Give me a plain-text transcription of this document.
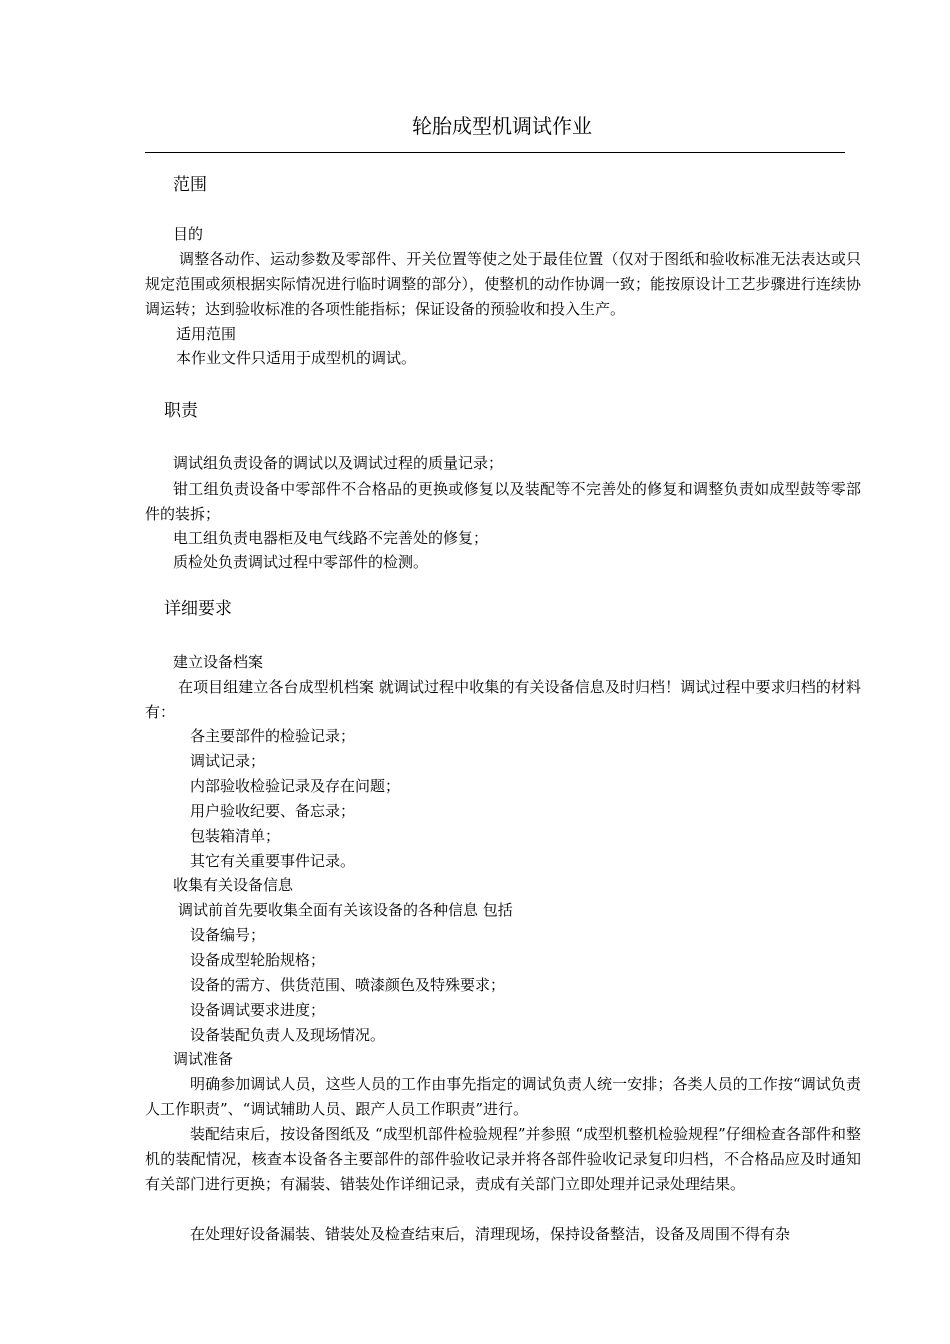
轮胎成型机调试作业
范围
目的
调整各动作、运动参数及零部件、开关位置等使之处于最佳位置（仅对于图纸和验收标准无法表达或只规定范围或须根据实际情况进行临时调整的部分），使整机的动作协调一致；能按原设计工艺步骤进行连续协调运转；达到验收标准的各项性能指标；保证设备的预验收和投入生产。
适用范围
本作业文件只适用于成型机的调试。
职责
调试组负责设备的调试以及调试过程的质量记录；
钳工组负责设备中零部件不合格品的更换或修复以及装配等不完善处的修复和调整负责如成型鼓等零部件的装拆；
电工组负责电器柜及电气线路不完善处的修复；
质检处负责调试过程中零部件的检测。
详细要求
建立设备档案
在项目组建立各台成型机档案 就调试过程中收集的有关设备信息及时归档！调试过程中要求归档的材料有：
各主要部件的检验记录；
调试记录；
内部验收检验记录及存在问题；
用户验收纪要、备忘录；
包装箱清单；
其它有关重要事件记录。
收集有关设备信息
调试前首先要收集全面有关该设备的各种信息 包括
设备编号；
设备成型轮胎规格；
设备的需方、供货范围、喷漆颜色及特殊要求；
设备调试要求进度；
设备装配负责人及现场情况。
调试准备
明确参加调试人员，这些人员的工作由事先指定的调试负责人统一安排；各类人员的工作按“调试负责人工作职责”、“调试辅助人员、跟产人员工作职责”进行。
装配结束后，按设备图纸及 “成型机部件检验规程”并参照 “成型机整机检验规程”仔细检查各部件和整机的装配情况，核查本设备各主要部件的部件验收记录并将各部件验收记录复印归档，不合格品应及时通知有关部门进行更换；有漏装、错装处作详细记录，责成有关部门立即处理并记录处理结果。
在处理好设备漏装、错装处及检查结束后，清理现场，保持设备整洁，设备及周围不得有杂
